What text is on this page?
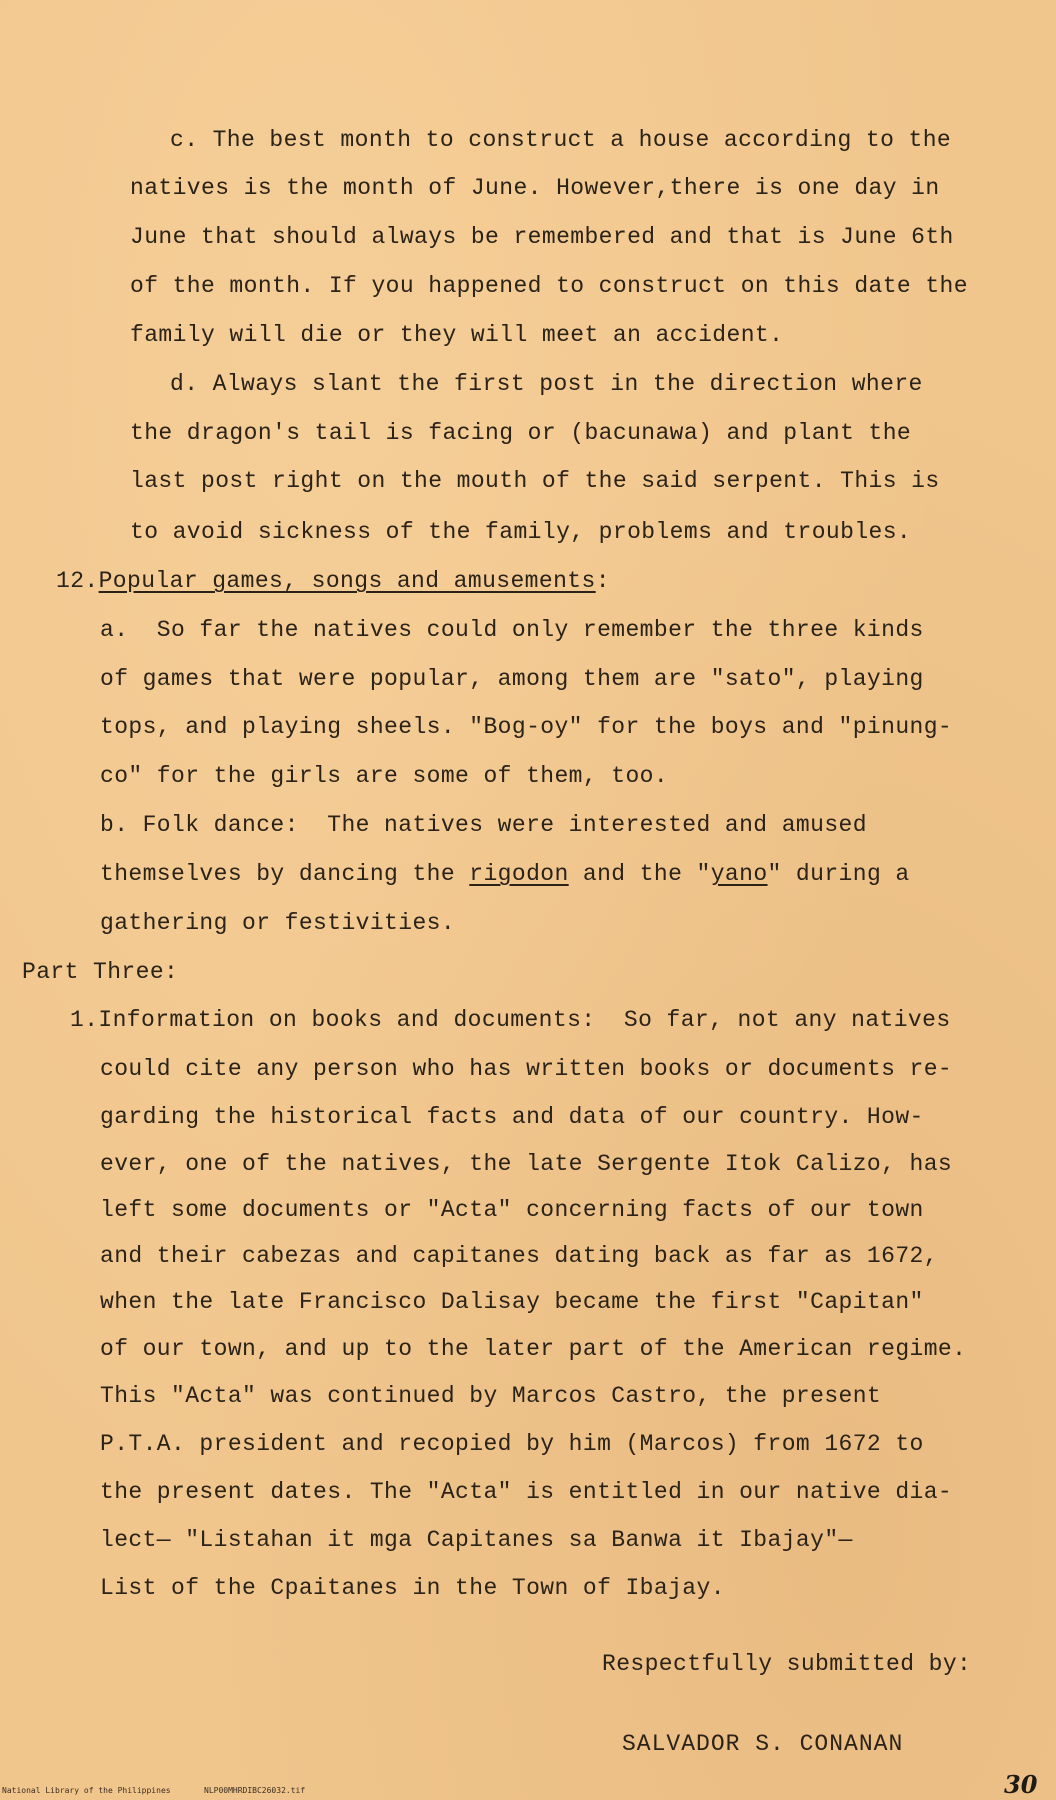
c. The best month to construct a house according to the
natives is the month of June. However,there is one day in
June that should always be remembered and that is June 6th
of the month. If you happened to construct on this date the
family will die or they will meet an accident.
d. Always slant the first post in the direction where
the dragon's tail is facing or (bacunawa) and plant the
last post right on the mouth of the said serpent. This is
to avoid sickness of the family, problems and troubles.
12.Popular games, songs and amusements:
a.  So far the natives could only remember the three kinds
of games that were popular, among them are "sato", playing
tops, and playing sheels. "Bog-oy" for the boys and "pinung-
co" for the girls are some of them, too.
b. Folk dance:  The natives were interested and amused
themselves by dancing the rigodon and the "yano" during a
gathering or festivities.
Part Three:
1.Information on books and documents:  So far, not any natives
could cite any person who has written books or documents re-
garding the historical facts and data of our country. How-
ever, one of the natives, the late Sergente Itok Calizo, has
left some documents or "Acta" concerning facts of our town
and their cabezas and capitanes dating back as far as 1672,
when the late Francisco Dalisay became the first "Capitan"
of our town, and up to the later part of the American regime.
This "Acta" was continued by Marcos Castro, the present
P.T.A. president and recopied by him (Marcos) from 1672 to
the present dates. The "Acta" is entitled in our native dia-
lect— "Listahan it mga Capitanes sa Banwa it Ibajay"—
List of the Cpaitanes in the Town of Ibajay.
Respectfully submitted by:
SALVADOR S. CONANAN
National Library of the Philippines	NLP00MHRDIBC26032.tif	30
